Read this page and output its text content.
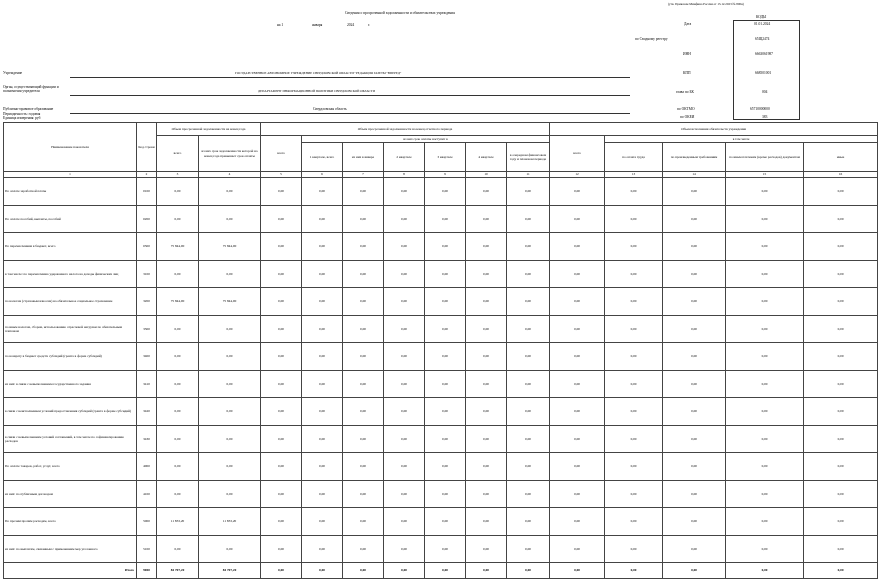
(утв. Приказом Минфина России от 13.12.2023 № 800н)
Сведения о просроченной задолженности и обязательствах учреждения
на 1	января	2024	г.
КОДЫ
Дата	01.01.2024
по Сводному реестру	65Щ2474
ИНН	6663061987
КПП	668501001
глава по БК	004
по ОКТМО	65710000000
по ОКЕИ	383
Учреждение	ГОСУДАРСТВЕННОЕ АВТОНОМНОЕ УЧРЕЖДЕНИЕ СВЕРДЛОВСКОЙ ОБЛАСТИ "РЕДАКЦИЯ ГАЗЕТЫ "ВПЕРЕД"
Орган, осуществляющий функции и
полномочия учредителя	ДЕПАРТАМЕНТ ИНФОРМАЦИОННОЙ ПОЛИТИКИ СВЕРДЛОВСКОЙ ОБЛАСТИ
Публично-правовое образование	Свердловская область
Периодичность: годовая
Единица измерения: руб
Наименование показателя	Код строки	Объем просроченной задолженности на конец года		Объем просроченной задолженности на конец отчетного периода							Объем исполнения обязательств учреждения				
		всего	из них срок задолженности которой на конец года превышает срок оплаты	всего	из них срок оплаты наступит в						всего	в том числе			
					1 квартале, всего	из них в январе	2 квартале	3 квартале	4 квартале	в очередном финансовом году и плановом периоде		по оплате труда	по произведенным требованиям	по иным платежам (кроме расходов) документам	иные
1	2	3	4	5	6	7	8	9	10	11	12	13	14	15	16
По оплате заработной платы	0100	0,00	0,00	0,00	0,00	0,00	0,00	0,00	0,00	0,00	0,00	0,00	0,00	0,00	0,00
По оплате пособий, выплаты, пособий	0200	0,00	0,00	0,00	0,00	0,00	0,00	0,00	0,00	0,00	0,00	0,00	0,00	0,00	0,00
По перечислениям в бюджет, всего	0300	75 844,00	75 844,00	0,00	0,00	0,00	0,00	0,00	0,00	0,00	0,00	0,00	0,00	0,00	0,00
в том числе: по перечислению удержанного налога на доходы физических лиц	3100	0,00	0,00	0,00	0,00	0,00	0,00	0,00	0,00	0,00	0,00	0,00	0,00	0,00	0,00
по налогам (страховым взносам) на обязательное социальное страхование	3200	75 844,00	75 844,00	0,00	0,00	0,00	0,00	0,00	0,00	0,00	0,00	0,00	0,00	0,00	0,00
по иным налогам, сборам, использованию отраслевой нагрузки по обязательным платежам	3300	0,00	0,00	0,00	0,00	0,00	0,00	0,00	0,00	0,00	0,00	0,00	0,00	0,00	0,00
по возврату в бюджет средств субсидий (гранта в форме субсидий)	3400	0,00	0,00	0,00	0,00	0,00	0,00	0,00	0,00	0,00	0,00	0,00	0,00	0,00	0,00
из них: в связи с невыполнением государственного задания	3410	0,00	0,00	0,00	0,00	0,00	0,00	0,00	0,00	0,00	0,00	0,00	0,00	0,00	0,00
в связи с неисполнением условий предоставления субсидий (гранта в форме субсидий)	3420	0,00	0,00	0,00	0,00	0,00	0,00	0,00	0,00	0,00	0,00	0,00	0,00	0,00	0,00
в связи с невыполнением условий соглашений, в том числе по софинансированию расходов	3430	0,00	0,00	0,00	0,00	0,00	0,00	0,00	0,00	0,00	0,00	0,00	0,00	0,00	0,00
По оплате товаров, работ, услуг, всего	4000	0,00	0,00	0,00	0,00	0,00	0,00	0,00	0,00	0,00	0,00	0,00	0,00	0,00	0,00
из них: по публичным договорам	4100	0,00	0,00	0,00	0,00	0,00	0,00	0,00	0,00	0,00	0,00	0,00	0,00	0,00	0,00
По прочим прочим расходам, всего	5000	11 833,20	11 833,20	0,00	0,00	0,00	0,00	0,00	0,00	0,00	0,00	0,00	0,00	0,00	0,00
из них: по выплатам, связанным с применением мер уголовного	5100	0,00	0,00	0,00	0,00	0,00	0,00	0,00	0,00	0,00	0,00	0,00	0,00	0,00	0,00
Итого	9000	84 707,20	84 707,20	0,00	0,00	0,00	0,00	0,00	0,00	0,00	0,00	0,00	0,00	0,00	0,00
